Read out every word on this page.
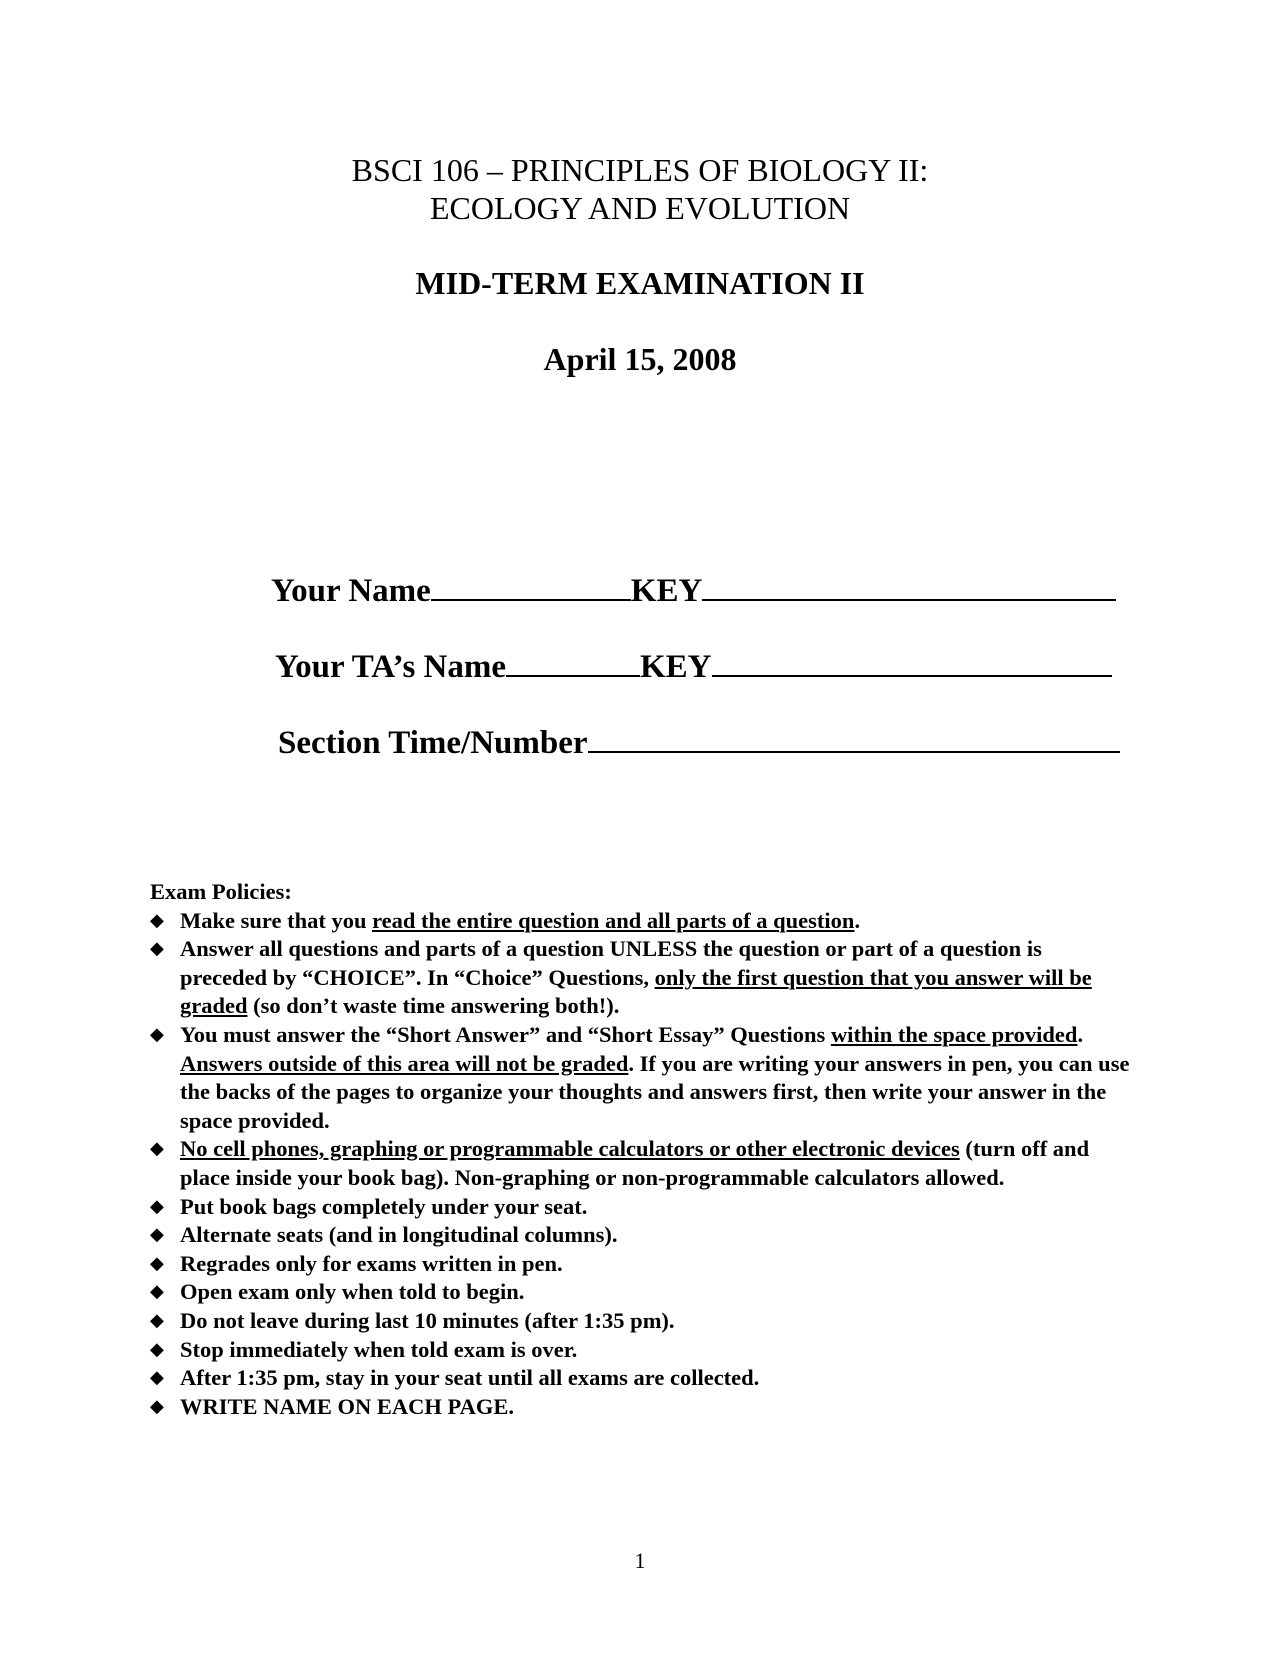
BSCI 106 – PRINCIPLES OF BIOLOGY II:
ECOLOGY AND EVOLUTION
MID-TERM EXAMINATION II
April 15, 2008
Your Name	KEY
Your TA’s Name	KEY
Section Time/Number
Exam Policies:
◆ Make sure that you read the entire question and all parts of a question.
◆ Answer all questions and parts of a question UNLESS the question or part of a question is preceded by “CHOICE”. In “Choice” Questions, only the first question that you answer will be graded (so don’t waste time answering both!).
◆ You must answer the “Short Answer” and “Short Essay” Questions within the space provided. Answers outside of this area will not be graded. If you are writing your answers in pen, you can use the backs of the pages to organize your thoughts and answers first, then write your answer in the space provided.
◆ No cell phones, graphing or programmable calculators or other electronic devices (turn off and place inside your book bag). Non-graphing or non-programmable calculators allowed.
◆ Put book bags completely under your seat.
◆ Alternate seats (and in longitudinal columns).
◆ Regrades only for exams written in pen.
◆ Open exam only when told to begin.
◆ Do not leave during last 10 minutes (after 1:35 pm).
◆ Stop immediately when told exam is over.
◆ After 1:35 pm, stay in your seat until all exams are collected.
◆ WRITE NAME ON EACH PAGE.
1
